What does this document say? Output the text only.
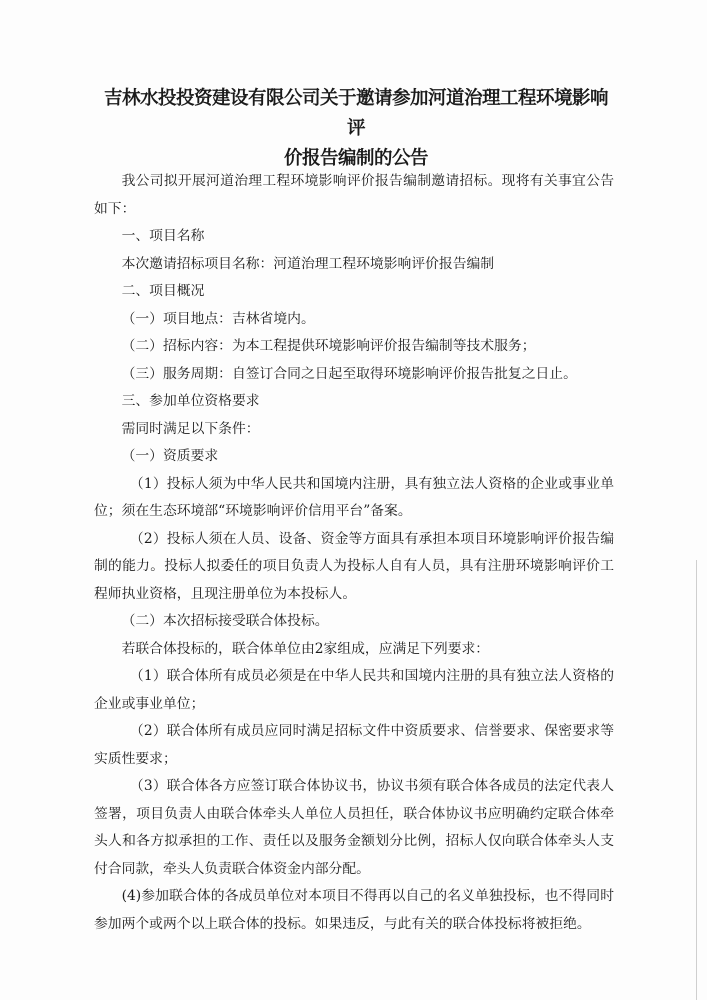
吉林水投投资建设有限公司关于邀请参加河道治理工程环境影响评
价报告编制的公告

我公司拟开展河道治理工程环境影响评价报告编制邀请招标。现将有关事宜公告如下：

一、项目名称

本次邀请招标项目名称：河道治理工程环境影响评价报告编制

二、项目概况

（一）项目地点：吉林省境内。

（二）招标内容：为本工程提供环境影响评价报告编制等技术服务；

（三）服务周期：自签订合同之日起至取得环境影响评价报告批复之日止。

三、参加单位资格要求

需同时满足以下条件：

（一）资质要求

（1）投标人须为中华人民共和国境内注册，具有独立法人资格的企业或事业单位；须在生态环境部“环境影响评价信用平台”备案。

（2）投标人须在人员、设备、资金等方面具有承担本项目环境影响评价报告编制的能力。投标人拟委任的项目负责人为投标人自有人员，具有注册环境影响评价工程师执业资格，且现注册单位为本投标人。

（二）本次招标接受联合体投标。

若联合体投标的，联合体单位由2家组成，应满足下列要求：

（1）联合体所有成员必须是在中华人民共和国境内注册的具有独立法人资格的企业或事业单位；

（2）联合体所有成员应同时满足招标文件中资质要求、信誉要求、保密要求等实质性要求；

（3）联合体各方应签订联合体协议书，协议书须有联合体各成员的法定代表人签署，项目负责人由联合体牵头人单位人员担任，联合体协议书应明确约定联合体牵头人和各方拟承担的工作、责任以及服务金额划分比例，招标人仅向联合体牵头人支付合同款，牵头人负责联合体资金内部分配。

(4)参加联合体的各成员单位对本项目不得再以自己的名义单独投标，也不得同时参加两个或两个以上联合体的投标。如果违反，与此有关的联合体投标将被拒绝。
